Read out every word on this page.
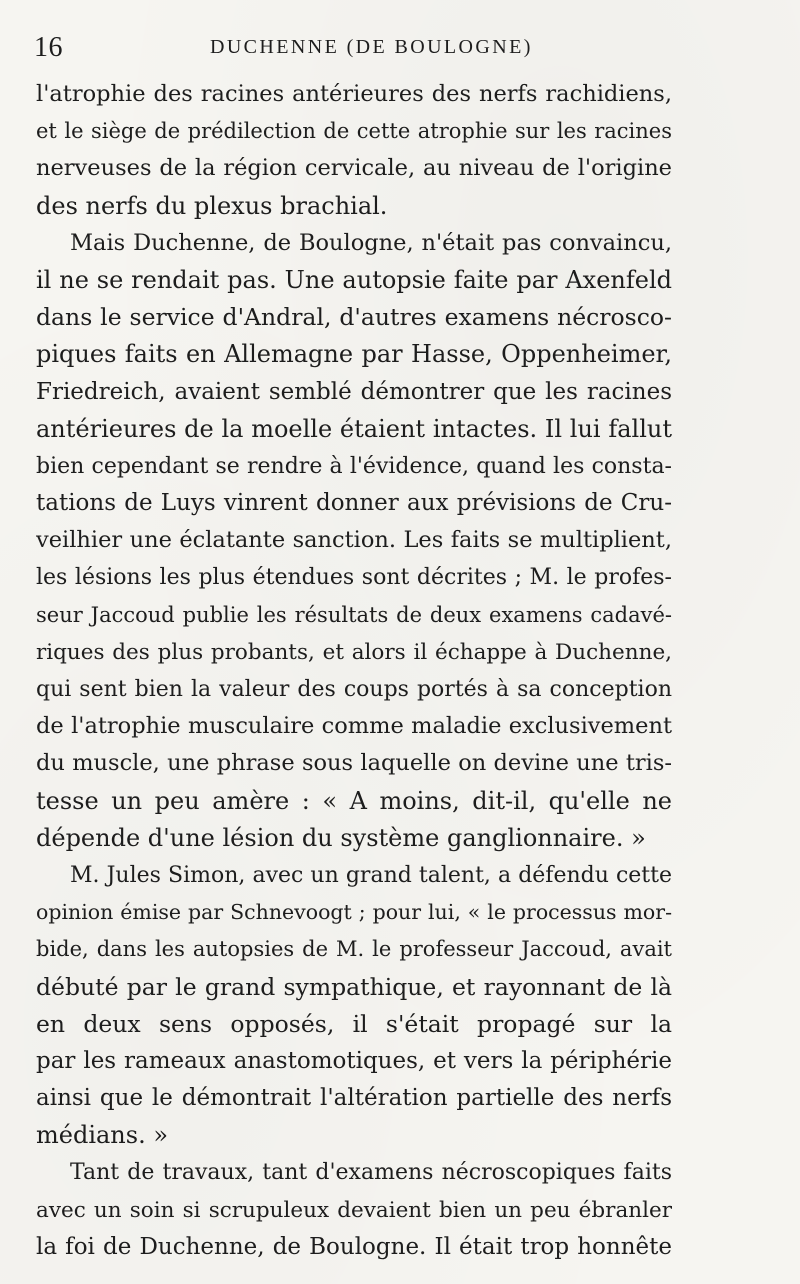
16	DUCHENNE (DE BOULOGNE)
l'atrophie des racines antérieures des nerfs rachidiens,
et le siège de prédilection de cette atrophie sur les racines
nerveuses de la région cervicale, au niveau de l'origine
des nerfs du plexus brachial.
Mais Duchenne, de Boulogne, n'était pas convaincu,
il ne se rendait pas. Une autopsie faite par Axenfeld
dans le service d'Andral, d'autres examens nécrosco-
piques faits en Allemagne par Hasse, Oppenheimer,
Friedreich, avaient semblé démontrer que les racines
antérieures de la moelle étaient intactes. Il lui fallut
bien cependant se rendre à l'évidence, quand les consta-
tations de Luys vinrent donner aux prévisions de Cru-
veilhier une éclatante sanction. Les faits se multiplient,
les lésions les plus étendues sont décrites ; M. le profes-
seur Jaccoud publie les résultats de deux examens cadavé-
riques des plus probants, et alors il échappe à Duchenne,
qui sent bien la valeur des coups portés à sa conception
de l'atrophie musculaire comme maladie exclusivement
du muscle, une phrase sous laquelle on devine une tris-
tesse un peu amère : « A moins, dit-il, qu'elle ne
dépende d'une lésion du système ganglionnaire. »
M. Jules Simon, avec un grand talent, a défendu cette
opinion émise par Schnevoogt ; pour lui, « le processus mor-
bide, dans les autopsies de M. le professeur Jaccoud, avait
débuté par le grand sympathique, et rayonnant de là
en deux sens opposés, il s'était propagé sur la
par les rameaux anastomotiques, et vers la périphérie
ainsi que le démontrait l'altération partielle des nerfs
médians. »
Tant de travaux, tant d'examens nécroscopiques faits
avec un soin si scrupuleux devaient bien un peu ébranler
la foi de Duchenne, de Boulogne. Il était trop honnête
